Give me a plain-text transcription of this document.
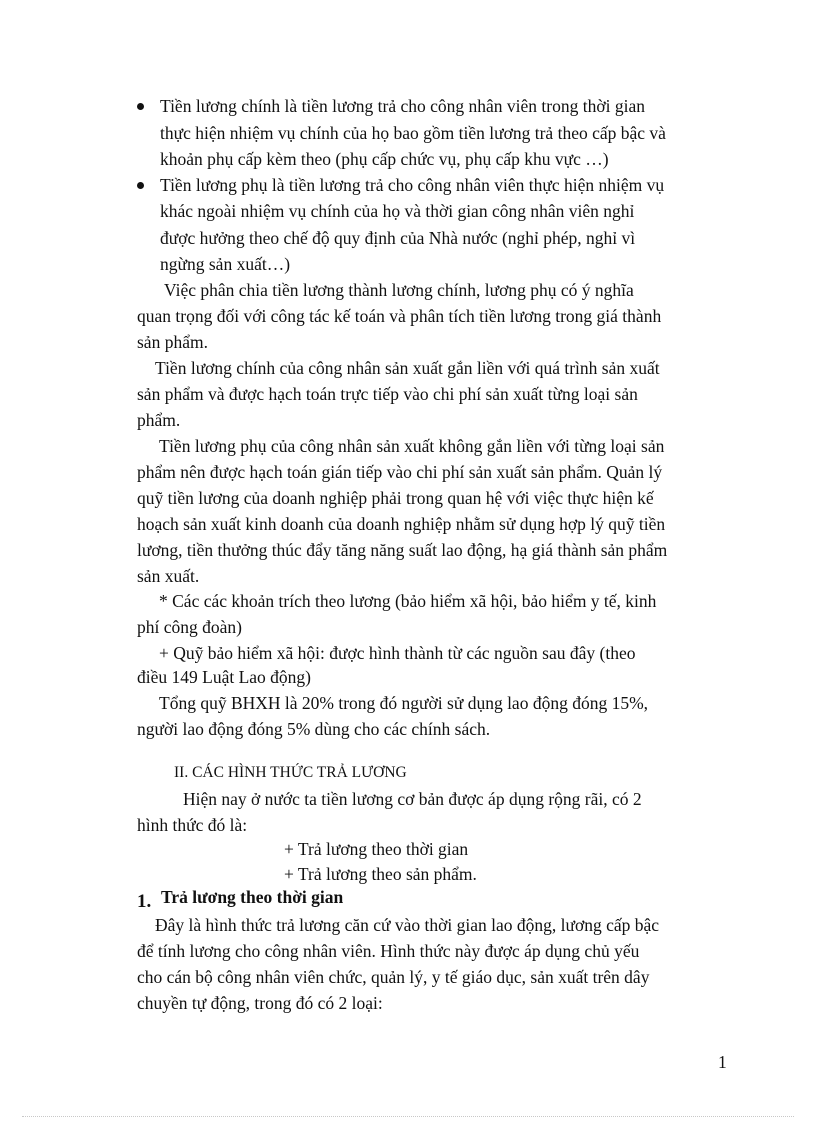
Tiền lương chính là tiền lương trả cho công nhân viên trong thời gian
thực hiện nhiệm vụ chính của họ bao gồm tiền lương trả theo cấp bậc và
khoản phụ cấp kèm theo (phụ cấp chức vụ, phụ cấp khu vực …)
Tiền lương phụ là tiền lương trả cho công nhân viên thực hiện nhiệm vụ
khác ngoài nhiệm vụ chính của họ và thời gian công nhân viên nghỉ
được hưởng theo chế độ quy định của Nhà nước (nghỉ phép, nghỉ vì
ngừng sản xuất…)
Việc phân chia tiền lương thành lương chính, lương phụ có ý nghĩa
quan trọng đối với công tác kế toán và phân tích tiền lương trong giá thành
sản phẩm.
Tiền lương chính của công nhân sản xuất gắn liền với quá trình sản xuất
sản phẩm và được hạch toán trực tiếp vào chi phí sản xuất từng loại sản
phẩm.
Tiền lương phụ của công nhân sản xuất không gắn liền với từng loại sản
phẩm nên được hạch toán gián tiếp vào chi phí sản xuất sản phẩm. Quản lý
quỹ tiền lương của doanh nghiệp phải trong quan hệ với việc thực hiện kế
hoạch sản xuất kinh doanh của doanh nghiệp nhằm sử dụng hợp lý quỹ tiền
lương, tiền thưởng thúc đẩy tăng năng suất lao động, hạ giá thành sản phẩm
sản xuất.
* Các các khoản trích theo lương (bảo hiểm xã hội, bảo hiểm y tế, kinh
phí công đoàn)
+ Quỹ bảo hiểm xã hội: được hình thành từ các nguồn sau đây (theo
điều 149 Luật Lao động)
Tổng quỹ BHXH là 20% trong đó người sử dụng lao động đóng 15%,
người lao động đóng 5% dùng cho các chính sách.
II. CÁC HÌNH THỨC TRẢ LƯƠNG
Hiện nay ở nước ta tiền lương cơ bản được áp dụng rộng rãi, có 2
hình thức đó là:
+ Trả lương theo thời gian
+ Trả lương theo sản phẩm.
1. Trả lương theo thời gian
Đây là hình thức trả lương căn cứ vào thời gian lao động, lương cấp bậc
để tính lương cho công nhân viên. Hình thức này được áp dụng chủ yếu
cho cán bộ công nhân viên chức, quản lý, y tế giáo dục, sản xuất trên dây
chuyền tự động, trong đó có 2 loại:
1
